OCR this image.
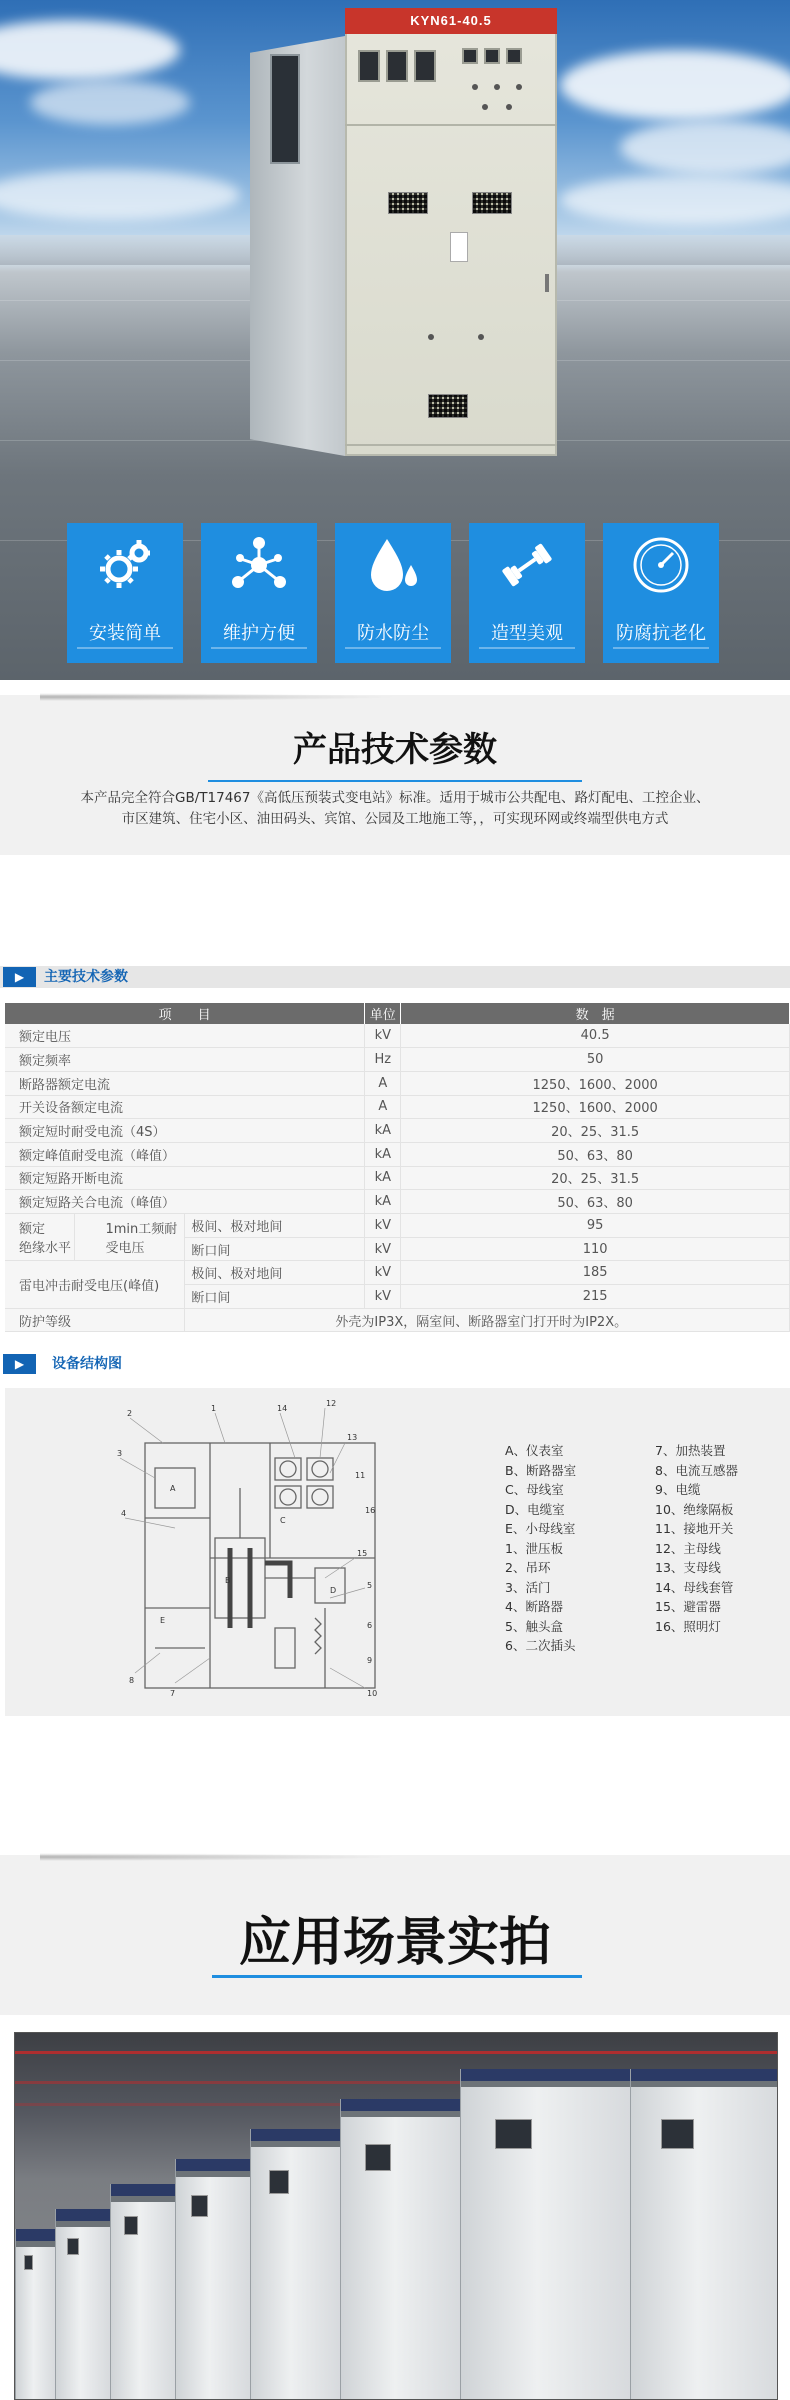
KYN61-40.5
安装简单	维护方便	防水防尘	造型美观	防腐抗老化
产品技术参数
本产品完全符合GB/T17467《高低压预装式变电站》标准。适用于城市公共配电、路灯配电、工控企业、
市区建筑、住宅小区、油田码头、宾馆、公园及工地施工等，，可实现环网或终端型供电方式
▶	主要技术参数
项　　目			单位	数　据
额定电压			kV	40.5
额定频率			Hz	50
断路器额定电流			A	1250、1600、2000
开关设备额定电流			A	1250、1600、2000
额定短时耐受电流（4S）			kA	20、25、31.5
额定峰值耐受电流（峰值）			kA	50、63、80
额定短路开断电流			kA	20、25、31.5
额定短路关合电流（峰值）			kA	50、63、80

额定
绝缘水平	1min工频耐受电压	极间、极对地间	kV	95
		断口间	kV	110
雷电冲击耐受电压(峰值)		极间、极对地间	kV	185
		断口间	kV	215
防护等级		外壳为IP3X，隔室间、断路器室门打开时为IP2X。		
▶	设备结构图
2
1	14
12
13
3
A
4
C
B
11
15
16
5
D
E
6
7
8
10
9
A、仪表室
B、断路器室
C、母线室
D、电缆室
E、小母线室
1、泄压板
2、吊环
3、活门
4、断路器
5、触头盒
6、二次插头
7、加热装置
8、电流互感器
9、电缆
10、绝缘隔板
11、接地开关
12、主母线
13、支母线
14、母线套管
15、避雷器
16、照明灯
应用场景实拍
